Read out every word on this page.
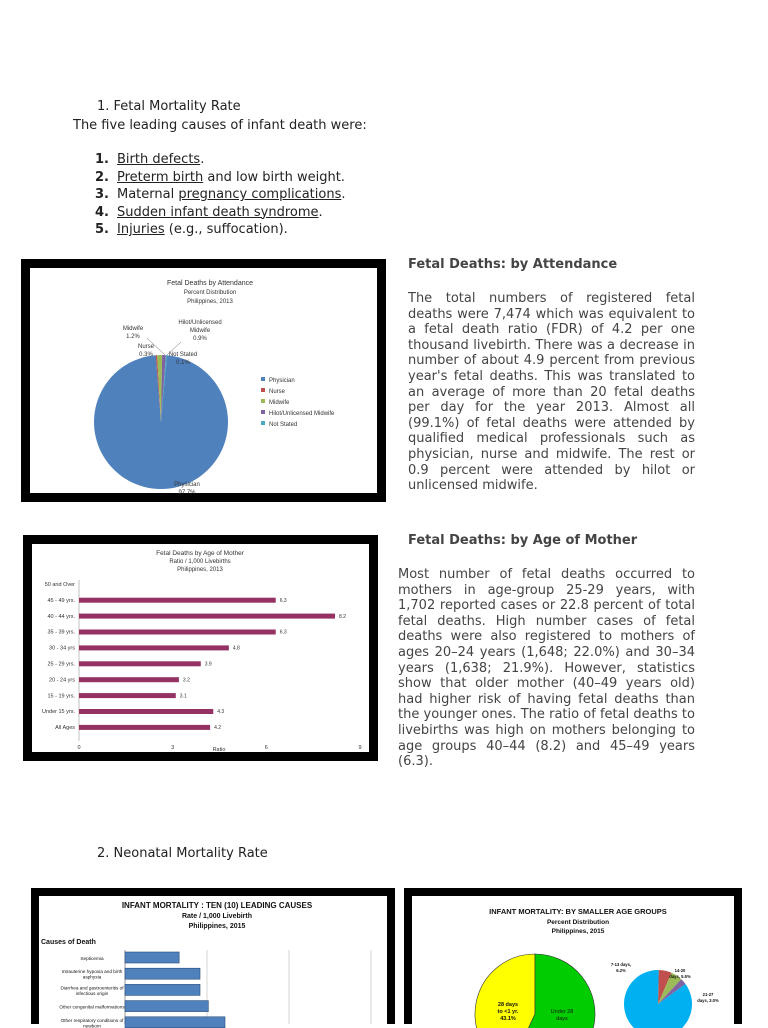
1. Fetal Mortality Rate
The five leading causes of infant death were:
1. Birth defects.
2. Preterm birth and low birth weight.
3. Maternal pregnancy complications.
4. Sudden infant death syndrome.
5. Injuries (e.g., suffocation).
Fetal Deaths by Attendance
Percent Distribution
Philippines, 2013
Physician
97.7%
Nurse
0.3%
Midwife
1.2%
Hilot/Unlicensed
Midwife
0.9%
Not Stated
0.1%
Physician
Nurse
Midwife
Hilot/Unlicensed Midwife
Not Stated
Fetal Deaths: by Attendance
The total numbers of registered fetal deaths were 7,474 which was equivalent to a fetal death ratio (FDR) of 4.2 per one thousand livebirth. There was a decrease in number of about 4.9 percent from previous year's fetal deaths. This was translated to an average of more than 20 fetal deaths per day for the year 2013. Almost all (99.1%) of fetal deaths were attended by qualified medical professionals such as physician, nurse and midwife. The rest or 0.9 percent were attended by hilot or unlicensed midwife.
Fetal Deaths by Age of Mother
Ratio / 1,000 Livebirths
Philippines, 2013
50 and Over
45 - 49 yrs.	6.3
40 - 44 yrs.	8.2
35 - 39 yrs.	6.3
30 - 34 yrs	4.8
25 - 29 yrs.	3.9
20 - 24 yrs	3.2
15 - 19 yrs.	3.1
Under 15 yrs.	4.3
All Ages	4.2
0	3	6	9
Ratio
Fetal Deaths: by Age of Mother
Most number of fetal deaths occurred to mothers in age-group 25-29 years, with 1,702 reported cases or 22.8 percent of total fetal deaths. High number cases of fetal deaths were also registered to mothers of ages 20–24 years (1,648; 22.0%) and 30–34 years (1,638; 21.9%). However, statistics show that older mother (40–49 years old) had higher risk of having fetal deaths than the younger ones. The ratio of fetal deaths to livebirths was high on mothers belonging to age groups 40–44 (8.2) and 45–49 years (6.3).
2. Neonatal Mortality Rate
INFANT MORTALITY : TEN (10) LEADING CAUSES
Rate / 1,000 Livebirth
Philippines, 2015
Causes of Death
Septicemia
Intrauterine hypoxia and birth
asphyxia
Diarrhea and gastroenteritis of
infectious origin
Other congenital malformations
Other respiratory conditions of
newborn
INFANT MORTALITY: BY SMALLER AGE GROUPS
Percent Distribution
Philippines, 2015
28 days
to <1 yr.
43.1%
Under 28
days
7-13 days,
6.2%	14-20
days, 5.5%
21-27
days, 3.0%
